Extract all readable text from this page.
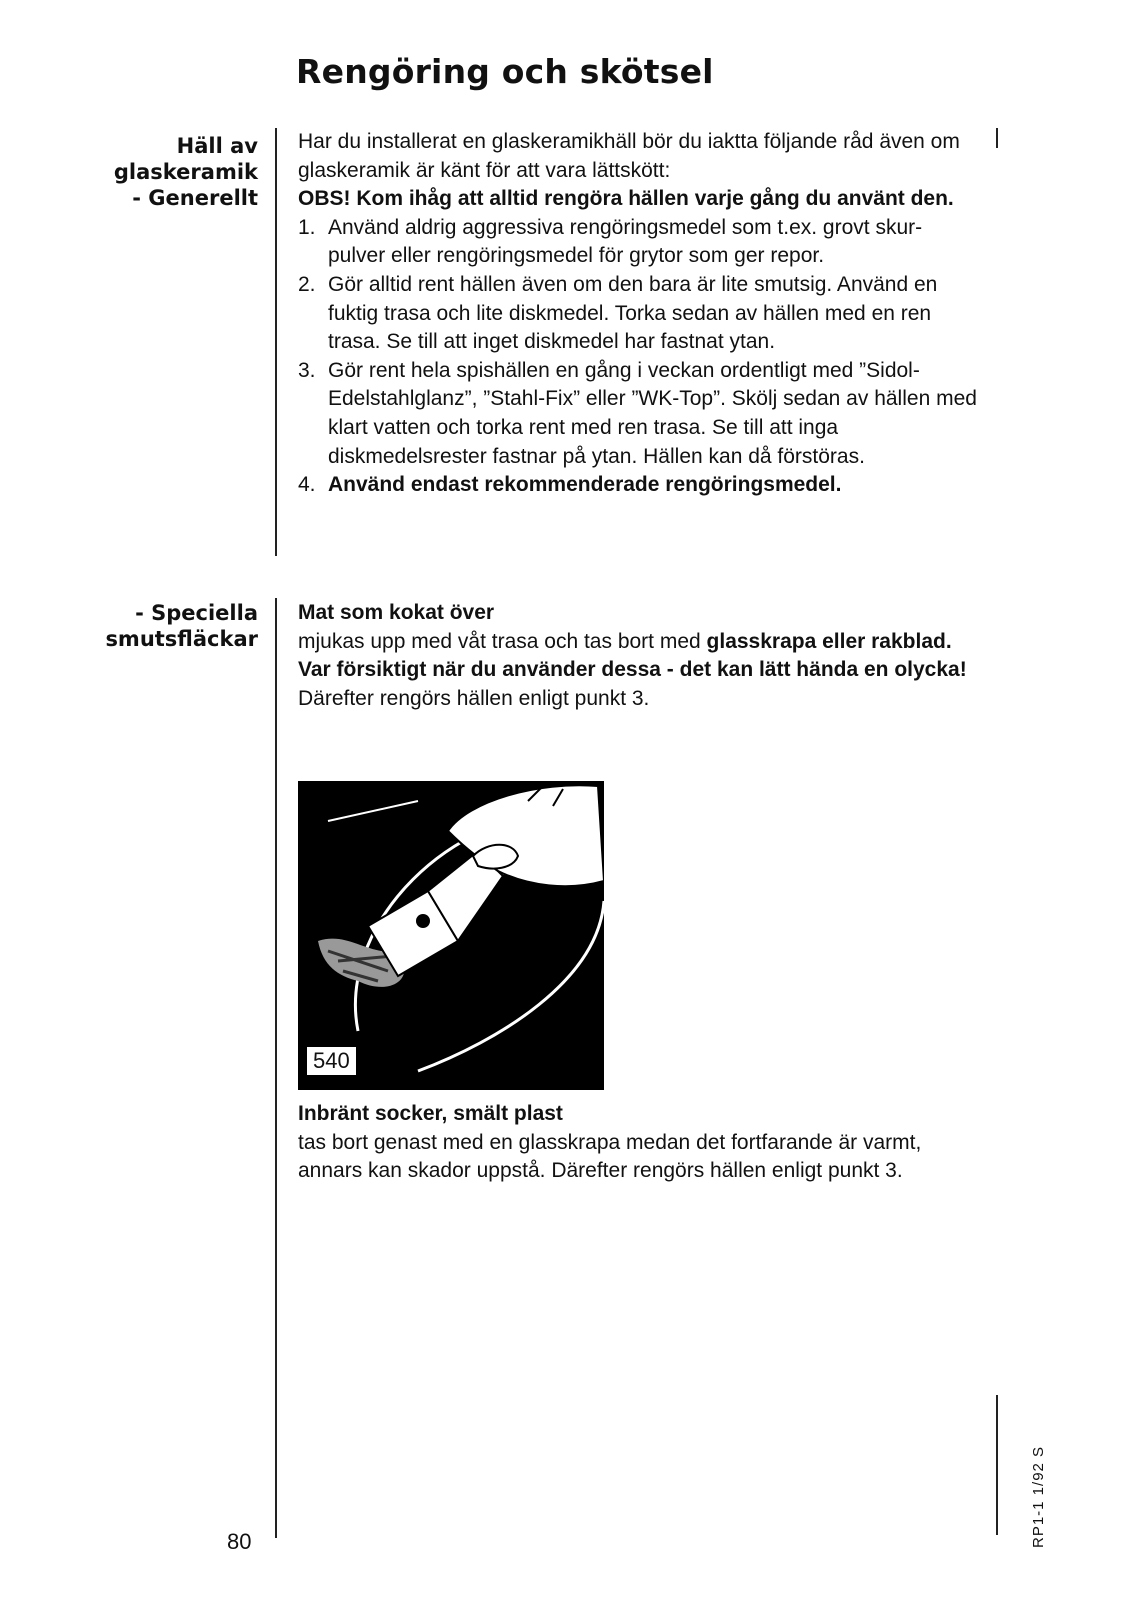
Rengöring och skötsel
Häll av
glaskeramik
- Generellt

Har du installerat en glaskeramikhäll bör du iaktta följande råd även om glaskeramik är känt för att vara lättskött:

OBS! Kom ihåg att alltid rengöra hällen varje gång du använt den.

1. Använd aldrig aggressiva rengöringsmedel som t.ex. grovt skur-pulver eller rengöringsmedel för grytor som ger repor.
2. Gör alltid rent hällen även om den bara är lite smutsig. Använd en fuktig trasa och lite diskmedel. Torka sedan av hällen med en ren trasa. Se till att inget diskmedel har fastnat ytan.
3. Gör rent hela spishällen en gång i veckan ordentligt med ”Sidol-Edelstahlglanz”, ”Stahl-Fix” eller ”WK-Top”. Skölj sedan av hällen med klart vatten och torka rent med ren trasa. Se till att inga diskmedelsrester fastnar på ytan. Hällen kan då förstöras.
4. Använd endast rekommenderade rengöringsmedel.
- Speciella
smutsfläckar

Mat som kokat över

mjukas upp med våt trasa och tas bort med glasskrapa eller rakblad. Var försiktigt när du använder dessa - det kan lätt hända en olycka!

Därefter rengörs hällen enligt punkt 3.

540

Inbränt socker, smält plast

tas bort genast med en glasskrapa medan det fortfarande är varmt, annars kan skador uppstå. Därefter rengörs hällen enligt punkt 3.

80	RP1-1 1/92 S
